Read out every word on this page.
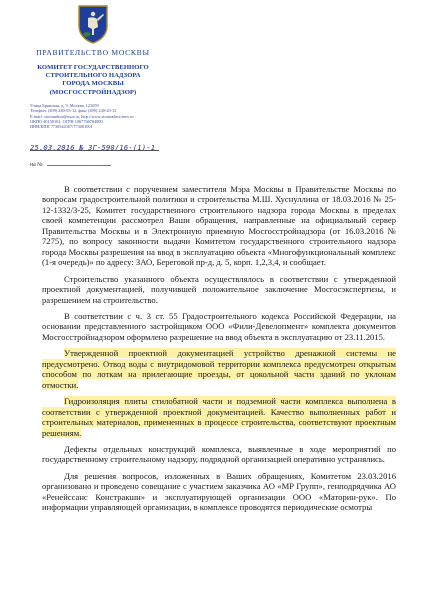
ПРАВИТЕЛЬСТВО МОСКВЫ
КОМИТЕТ ГОСУДАРСТВЕННОГО
СТРОИТЕЛЬНОГО НАДЗОРА
ГОРОДА МОСКВЫ
(МОСГОССТРОЙНАДЗОР)
Улица Брянская, д. 9, Москва, 121059
Телефон: (499) 240-03-12, факс (499) 240-20-12
E-mail: stroinadzor@mos.ru, http://www.stroinadzor.mos.ru
ОКПО 40150102, ОГРН 1067746784890
ИНН/КПП 7730544307/773001001
25.03.2016 № ЗГ-598/16-(1)-1
на №

В соответствии с поручением заместителя Мэра Москвы в Правительстве Москвы по вопросам градостроительной политики и строительства М.Ш. Хуснуллина от 18.03.2016 № 25-12-1332/3-25, Комитет государственного строительного надзора города Москвы в пределах своей компетенции рассмотрел Ваши обращения, направленные на официальный сервер Правительства Москвы и в Электронную приемную Мосгосстройнадзора (от 16.03.2016 № 7275), по вопросу законности выдачи Комитетом государственного строительного надзора города Москвы разрешения на ввод в эксплуатацию объекта «Многофункциональный комплекс (1-я очередь)» по адресу: ЗАО, Береговой пр-д, д. 5, корп. 1,2,3,4, и сообщает.

Строительство указанного объекта осуществлялось в соответствии с утвержденной проектной документацией, получившей положительное заключение Мосгосэкспертизы, и разрешением на строительство.

В соответствии с ч. 3 ст. 55 Градостроительного кодекса Российской Федерации, на основании представленного застройщиком ООО «Фили-Девелопмент» комплекта документов Мосгосстройнадзором оформлено разрешение на ввод объекта в эксплуатацию от 23.11.2015.

Утвержденной проектной документацией устройство дренажной системы не предусмотрено. Отвод воды с внутридомовой территории комплекса предусмотрен открытым способом по лоткам на прилегающие проезды, от цокольной части зданий по уклонам отмостки.

Гидроизоляция плиты стилобатной части и подземной части комплекса выполнена в соответствии с утвержденной проектной документацией. Качество выполненных работ и строительных материалов, примененных в процессе строительства, соответствуют проектным решениям.

Дефекты отдельных конструкций комплекса, выявленные в ходе мероприятий по государственному строительному надзору, подрядной организацией оперативно устранялись.

Для решения вопросов, изложенных в Ваших обращениях, Комитетом 23.03.2016 организовано и проведено совещание с участием заказчика АО «МР Групп», генподрядчика АО «Ренейссанс Констракшн» и эксплуатирующей организации ООО «Маторин-рук». По информации управляющей организации, в комплексе проводятся периодические осмотры
